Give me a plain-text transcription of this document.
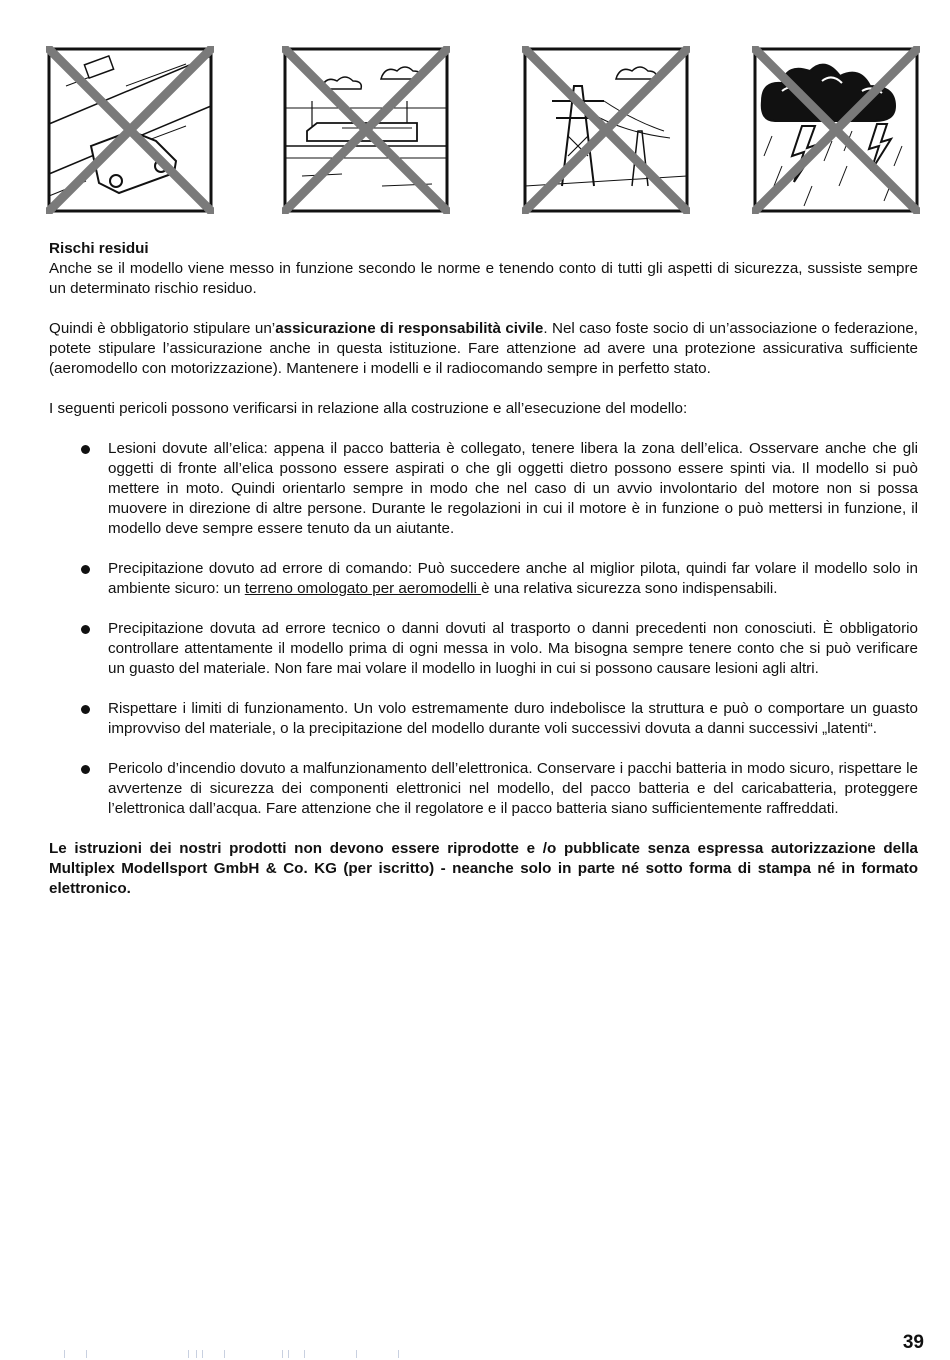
Rischi residui

Anche se il modello viene messo in funzione secondo le norme e tenendo conto di tutti gli aspetti di sicurezza, sussiste sempre un determinato rischio residuo.

Quindi è obbligatorio stipulare un’assicurazione di responsabilità civile. Nel caso foste socio di un’associazione o federazione, potete stipulare l’assicurazione anche in questa istituzione. Fare attenzione ad avere una protezione assicurativa sufficiente (aeromodello con motorizzazione). Mantenere i modelli e il radiocomando sempre in perfetto stato.

I seguenti pericoli possono verificarsi in relazione alla costruzione e all’esecuzione del modello:

Lesioni dovute all’elica: appena il pacco batteria è collegato, tenere libera la zona dell’elica. Osservare anche che gli oggetti di fronte all’elica possono essere aspirati o che gli oggetti dietro possono essere spinti via. Il modello si può mettere in moto. Quindi orientarlo sempre in modo che nel caso di un avvio involontario del motore non si possa muovere in direzione di altre persone. Durante le regolazioni in cui il motore è in funzione o può mettersi in funzione, il modello deve sempre essere tenuto da un aiutante.

Precipitazione dovuto ad errore di comando: Può succedere anche al miglior pilota, quindi far volare il modello solo in ambiente sicuro: un terreno omologato per aeromodelli è una relativa sicurezza sono indispensabili.

Precipitazione dovuta ad errore tecnico o danni dovuti al trasporto o danni precedenti non conosciuti. È obbligatorio controllare attentamente il modello prima di ogni messa in volo. Ma bisogna sempre tenere conto che si può verificare un guasto del materiale. Non fare mai volare il modello in luoghi in cui si possono causare lesioni agli altri.

Rispettare i limiti di funzionamento. Un volo estremamente duro indebolisce la struttura e può o comportare un guasto improvviso del materiale, o la precipitazione del modello durante voli successivi dovuta a danni successivi „latenti“.

Pericolo d’incendio dovuto a malfunzionamento dell’elettronica. Conservare i pacchi batteria in modo sicuro, rispettare le avvertenze di sicurezza dei componenti elettronici nel modello, del pacco batteria e del caricabatteria, proteggere l’elettronica dall’acqua. Fare attenzione che il regolatore e il pacco batteria siano sufficientemente raffreddati.

Le istruzioni dei nostri prodotti non devono essere riprodotte e /o pubblicate senza espressa autorizzazione della Multiplex Modellsport GmbH & Co. KG (per iscritto) - neanche solo in parte né sotto forma di stampa né in formato elettronico.

39
